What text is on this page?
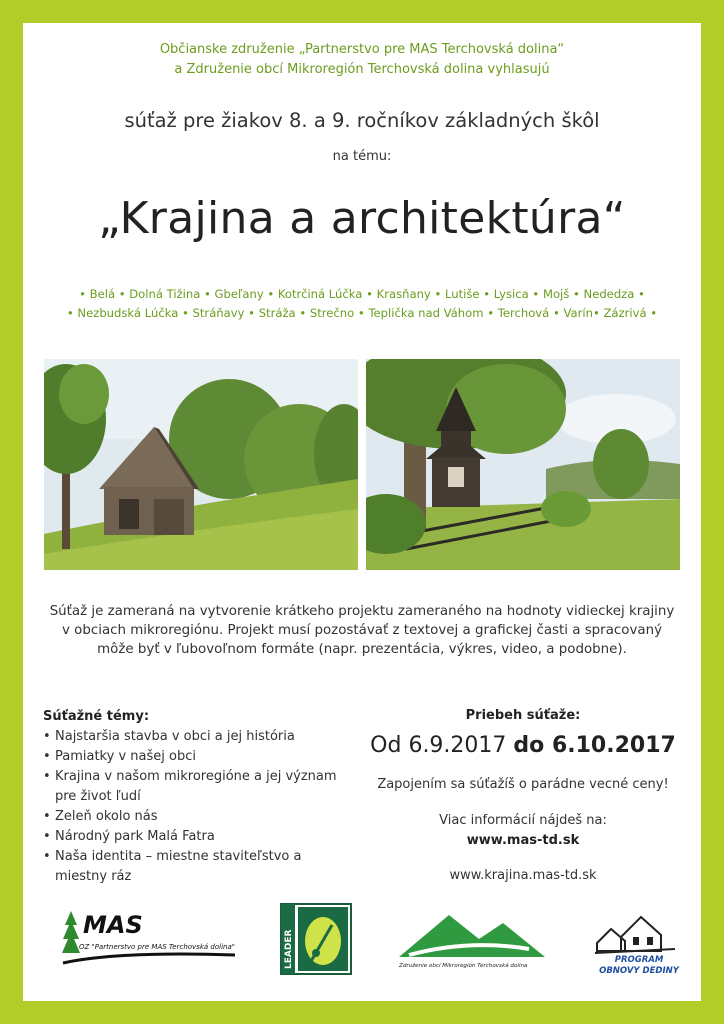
Občianske združenie „Partnerstvo pre MAS Terchovská dolina“
a Združenie obcí Mikroregión Terchovská dolina vyhlasujú
súťaž pre žiakov 8. a 9. ročníkov základných škôl
na tému:
„Krajina a architektúra“
• Belá • Dolná Tižina • Gbeľany • Kotrčiná Lúčka • Krasňany • Lutiše • Lysica • Mojš • Nededza •
• Nezbudská Lúčka • Stráňavy • Stráža • Strečno • Teplička nad Váhom • Terchová • Varín• Zázrivá •
Súťaž je zameraná na vytvorenie krátkeho projektu zameraného na hodnoty vidieckej krajiny
v obciach mikroregiónu. Projekt musí pozostávať z textovej a grafickej časti a spracovaný
môže byť v ľubovoľnom formáte (napr. prezentácia, výkres, video, a podobne).
Súťažné témy:
• Najstaršia stavba v obci a jej história
• Pamiatky v našej obci
• Krajina v našom mikroregióne a jej význam pre život ľudí
• Zeleň okolo nás
• Národný park Malá Fatra
• Naša identita – miestne staviteľstvo a miestny ráz
Priebeh súťaže:
Od 6.9.2017 do 6.10.2017
Zapojením sa súťažíš o parádne vecné ceny!
Viac informácií nájdeš na:
www.mas-td.sk
www.krajina.mas-td.sk
MAS
OZ "Partnerstvo pre MAS Terchovská dolina"	LEADER	Združenie obcí Mikroregión Terchovská dolina
PROGRAM
OBNOVY DEDINY
